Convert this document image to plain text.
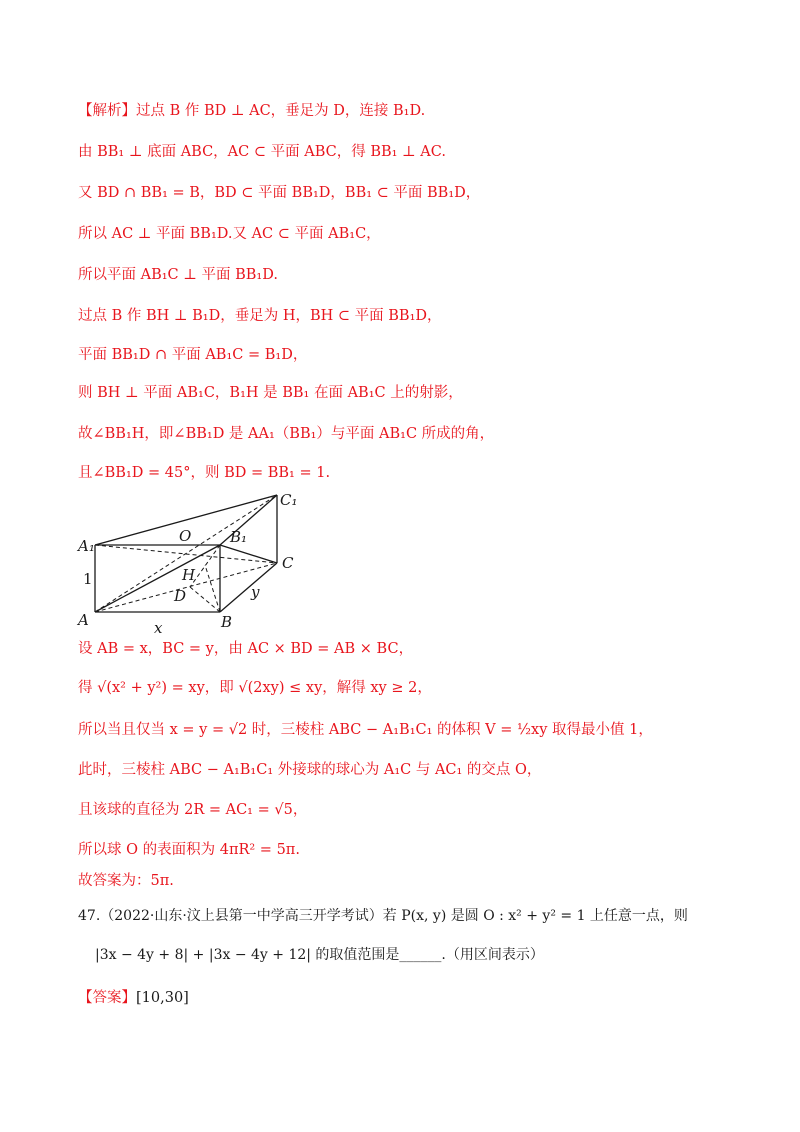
【解析】过点 B 作 BD ⊥ AC，垂足为 D，连接 B₁D.
由 BB₁ ⊥ 底面 ABC，AC ⊂ 平面 ABC，得 BB₁ ⊥ AC.
又 BD ∩ BB₁ = B，BD ⊂ 平面 BB₁D，BB₁ ⊂ 平面 BB₁D，
所以 AC ⊥ 平面 BB₁D.又 AC ⊂ 平面 AB₁C，
所以平面 AB₁C ⊥ 平面 BB₁D.
过点 B 作 BH ⊥ B₁D，垂足为 H，BH ⊂ 平面 BB₁D，
平面 BB₁D ∩ 平面 AB₁C = B₁D，
则 BH ⊥ 平面 AB₁C，B₁H 是 BB₁ 在面 AB₁C 上的射影，
故∠BB₁H，即∠BB₁D 是 AA₁（BB₁）与平面 AB₁C 所成的角，
且∠BB₁D = 45°，则 BD = BB₁ = 1.
A₁
A	B
B₁
C
C₁
O
H
D
x
y
1
设 AB = x，BC = y，由 AC × BD = AB × BC，
得 √(x² + y²) = xy，即 √(2xy) ≤ xy，解得 xy ≥ 2，
所以当且仅当 x = y = √2 时，三棱柱 ABC − A₁B₁C₁ 的体积 V = ½xy 取得最小值 1，
此时，三棱柱 ABC − A₁B₁C₁ 外接球的球心为 A₁C 与 AC₁ 的交点 O，
且该球的直径为 2R = AC₁ = √5，
所以球 O 的表面积为 4πR² = 5π.
故答案为：5π.
47.（2022·山东·汶上县第一中学高三开学考试）若 P(x, y) 是圆 O : x² + y² = 1 上任意一点，则
|3x − 4y + 8| + |3x − 4y + 12| 的取值范围是______.（用区间表示）
【答案】[10,30]
